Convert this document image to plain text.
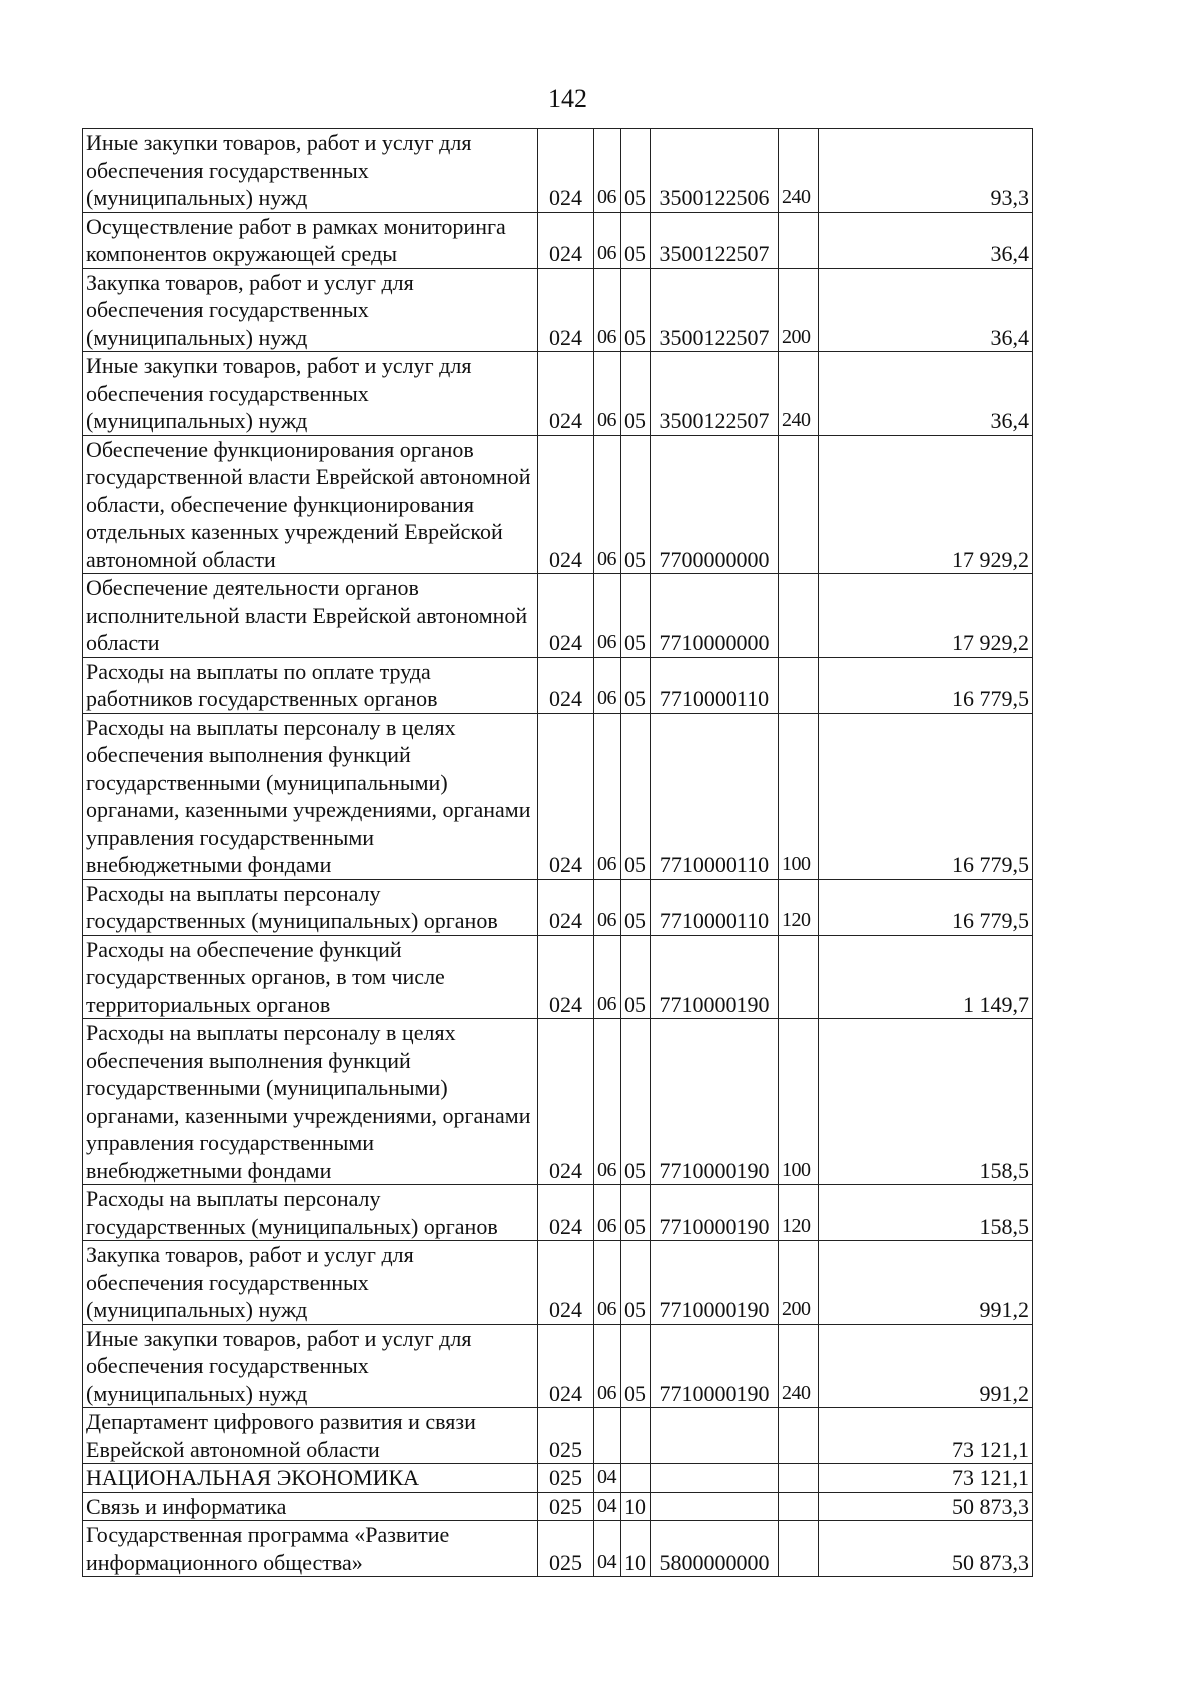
142
Иные закупки товаров, работ и услуг для обеспечения государственных (муниципальных) нужд	024	06	05	3500122506	240	93,3
Осуществление работ в рамках мониторинга компонентов окружающей среды	024	06	05	3500122507		36,4
Закупка товаров, работ и услуг для обеспечения государственных (муниципальных) нужд	024	06	05	3500122507	200	36,4
Иные закупки товаров, работ и услуг для обеспечения государственных (муниципальных) нужд	024	06	05	3500122507	240	36,4
Обеспечение функционирования органов государственной власти Еврейской автономной области, обеспечение функционирования отдельных казенных учреждений Еврейской автономной области	024	06	05	7700000000		17 929,2
Обеспечение деятельности органов исполнительной власти Еврейской автономной области	024	06	05	7710000000		17 929,2
Расходы на выплаты по оплате труда работников государственных органов	024	06	05	7710000110		16 779,5
Расходы на выплаты персоналу в целях обеспечения выполнения функций государственными (муниципальными) органами, казенными учреждениями, органами управления государственными внебюджетными фондами	024	06	05	7710000110	100	16 779,5
Расходы на выплаты персоналу государственных (муниципальных) органов	024	06	05	7710000110	120	16 779,5
Расходы на обеспечение функций государственных органов, в том числе территориальных органов	024	06	05	7710000190		1 149,7
Расходы на выплаты персоналу в целях обеспечения выполнения функций государственными (муниципальными) органами, казенными учреждениями, органами управления государственными внебюджетными фондами	024	06	05	7710000190	100	158,5
Расходы на выплаты персоналу государственных (муниципальных) органов	024	06	05	7710000190	120	158,5
Закупка товаров, работ и услуг для обеспечения государственных (муниципальных) нужд	024	06	05	7710000190	200	991,2
Иные закупки товаров, работ и услуг для обеспечения государственных (муниципальных) нужд	024	06	05	7710000190	240	991,2
Департамент цифрового развития и связи Еврейской автономной области	025					73 121,1
НАЦИОНАЛЬНАЯ ЭКОНОМИКА	025	04				73 121,1
Связь и информатика	025	04	10			50 873,3
Государственная программа «Развитие информационного общества»	025	04	10	5800000000		50 873,3
